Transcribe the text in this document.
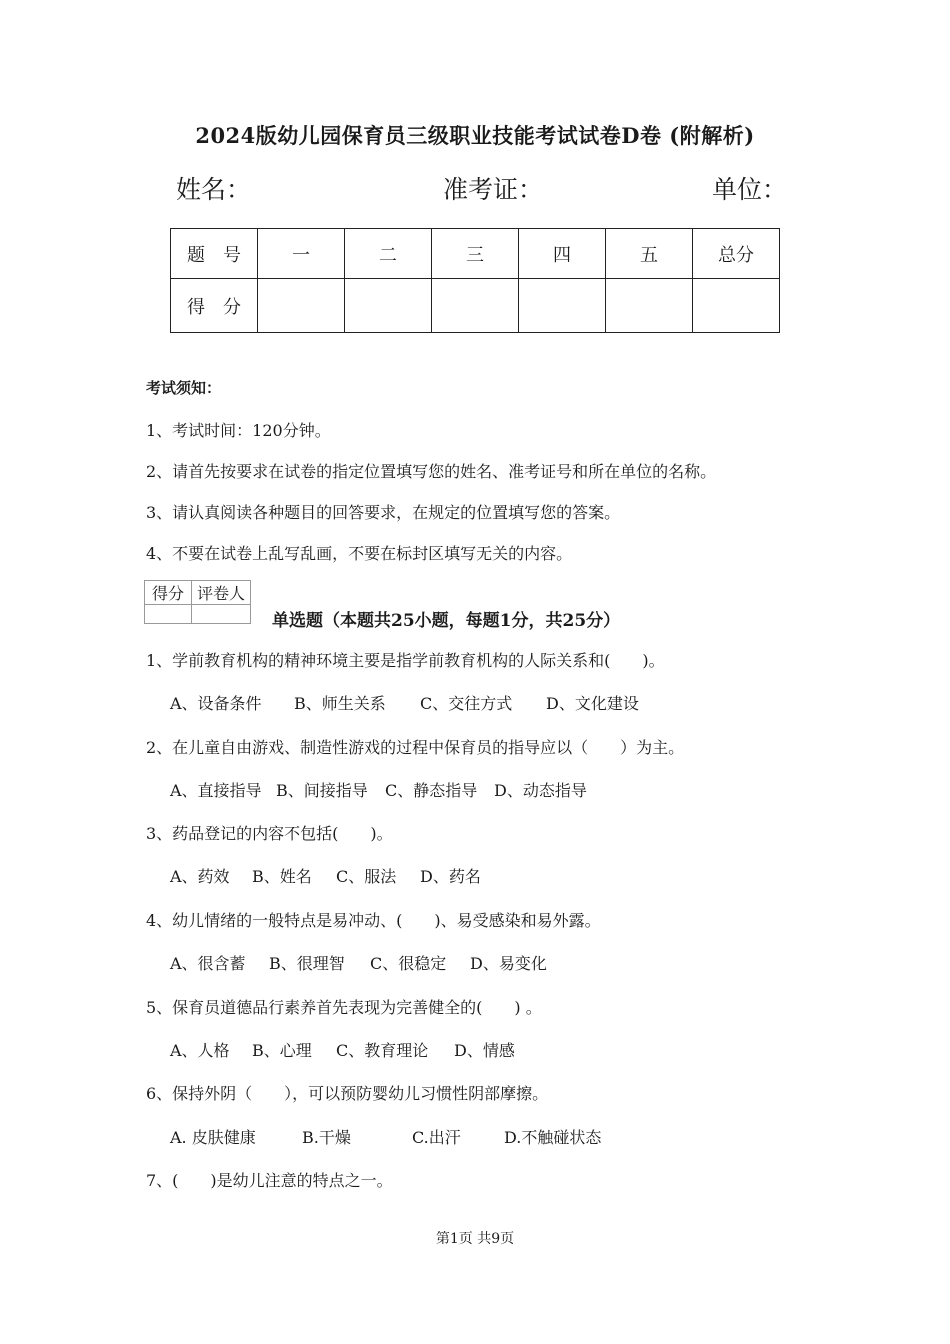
2024版幼儿园保育员三级职业技能考试试卷D卷 (附解析)
姓名：	准考证：	单位：
题　号	一	二	三	四	五	总分
得　分						
考试须知：
1、考试时间：120分钟。
2、请首先按要求在试卷的指定位置填写您的姓名、准考证号和所在单位的名称。
3、请认真阅读各种题目的回答要求，在规定的位置填写您的答案。
4、不要在试卷上乱写乱画，不要在标封区填写无关的内容。
得分	评卷人

单选题（本题共25小题，每题1分，共25分）
1、学前教育机构的精神环境主要是指学前教育机构的人际关系和(　　)。
A、设备条件 B、师生关系 C、交往方式 D、文化建设
2、在儿童自由游戏、制造性游戏的过程中保育员的指导应以（　　）为主。
A、直接指导 B、间接指导 C、静态指导 D、动态指导
3、药品登记的内容不包括(　　)。
A、药效 B、姓名 C、服法 D、药名
4、幼儿情绪的一般特点是易冲动、(　　)、易受感染和易外露。
A、很含蓄 B、很理智 C、很稳定 D、易变化
5、保育员道德品行素养首先表现为完善健全的(　　) 。
A、人格 B、心理 C、教育理论 D、情感
6、保持外阴（　　），可以预防婴幼儿习惯性阴部摩擦。
A. 皮肤健康	B.干燥	C.出汗	D.不触碰状态
7、(　　)是幼儿注意的特点之一。
第1页 共9页
